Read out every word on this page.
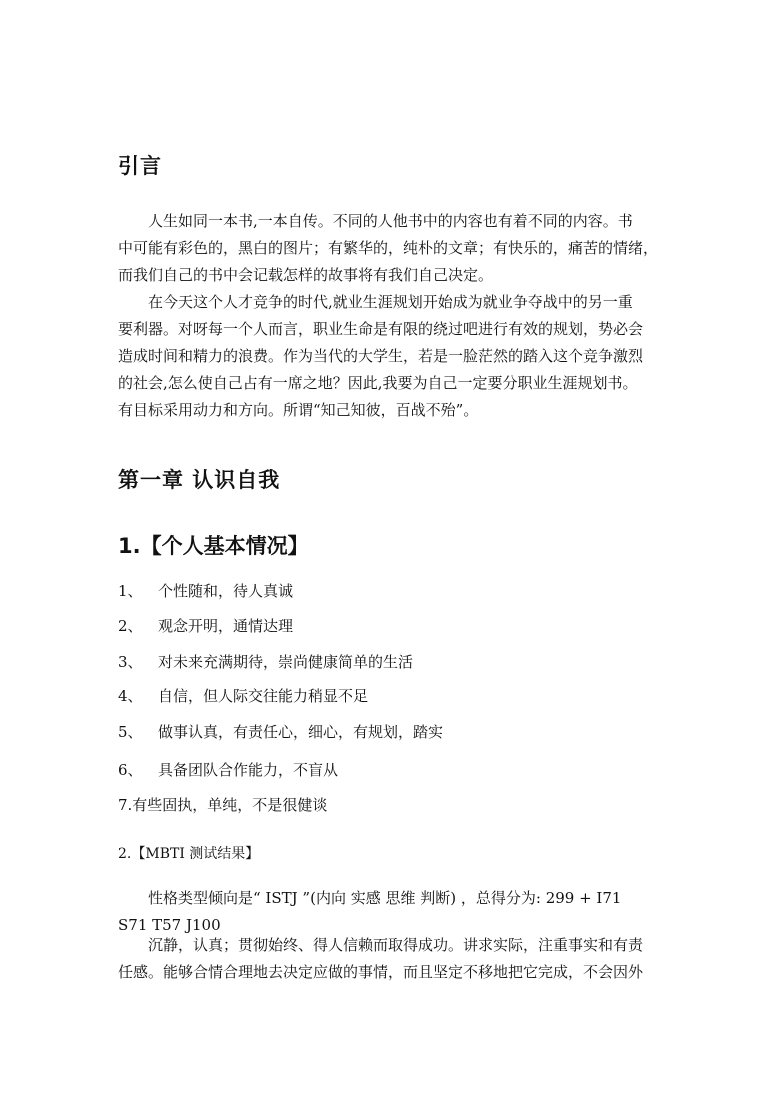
引言
人生如同一本书,一本自传。不同的人他书中的内容也有着不同的内容。书
中可能有彩色的，黑白的图片；有繁华的，纯朴的文章；有快乐的，痛苦的情绪，
而我们自己的书中会记载怎样的故事将有我们自己决定。
在今天这个人才竞争的时代,就业生涯规划开始成为就业争夺战中的另一重
要利器。对呀每一个人而言，职业生命是有限的绕过吧进行有效的规划，势必会
造成时间和精力的浪费。作为当代的大学生，若是一脸茫然的踏入这个竞争激烈
的社会,怎么使自己占有一席之地？因此,我要为自己一定要分职业生涯规划书。
有目标采用动力和方向。所谓“知己知彼，百战不殆”。
第一章 认识自我
1.【个人基本情况】
1、 个性随和，待人真诚
2、 观念开明，通情达理
3、 对未来充满期待，崇尚健康简单的生活
4、 自信，但人际交往能力稍显不足
5、 做事认真，有责任心，细心，有规划，踏实
6、 具备团队合作能力，不盲从
7.有些固执，单纯，不是很健谈
2.【MBTI 测试结果】
性格类型倾向是“ ISTJ ”(内向 实感 思维 判断) ，总得分为: 299 + I71
S71 T57 J100
沉静，认真；贯彻始终、得人信赖而取得成功。讲求实际，注重事实和有责
任感。能够合情合理地去决定应做的事情，而且坚定不移地把它完成，不会因外
